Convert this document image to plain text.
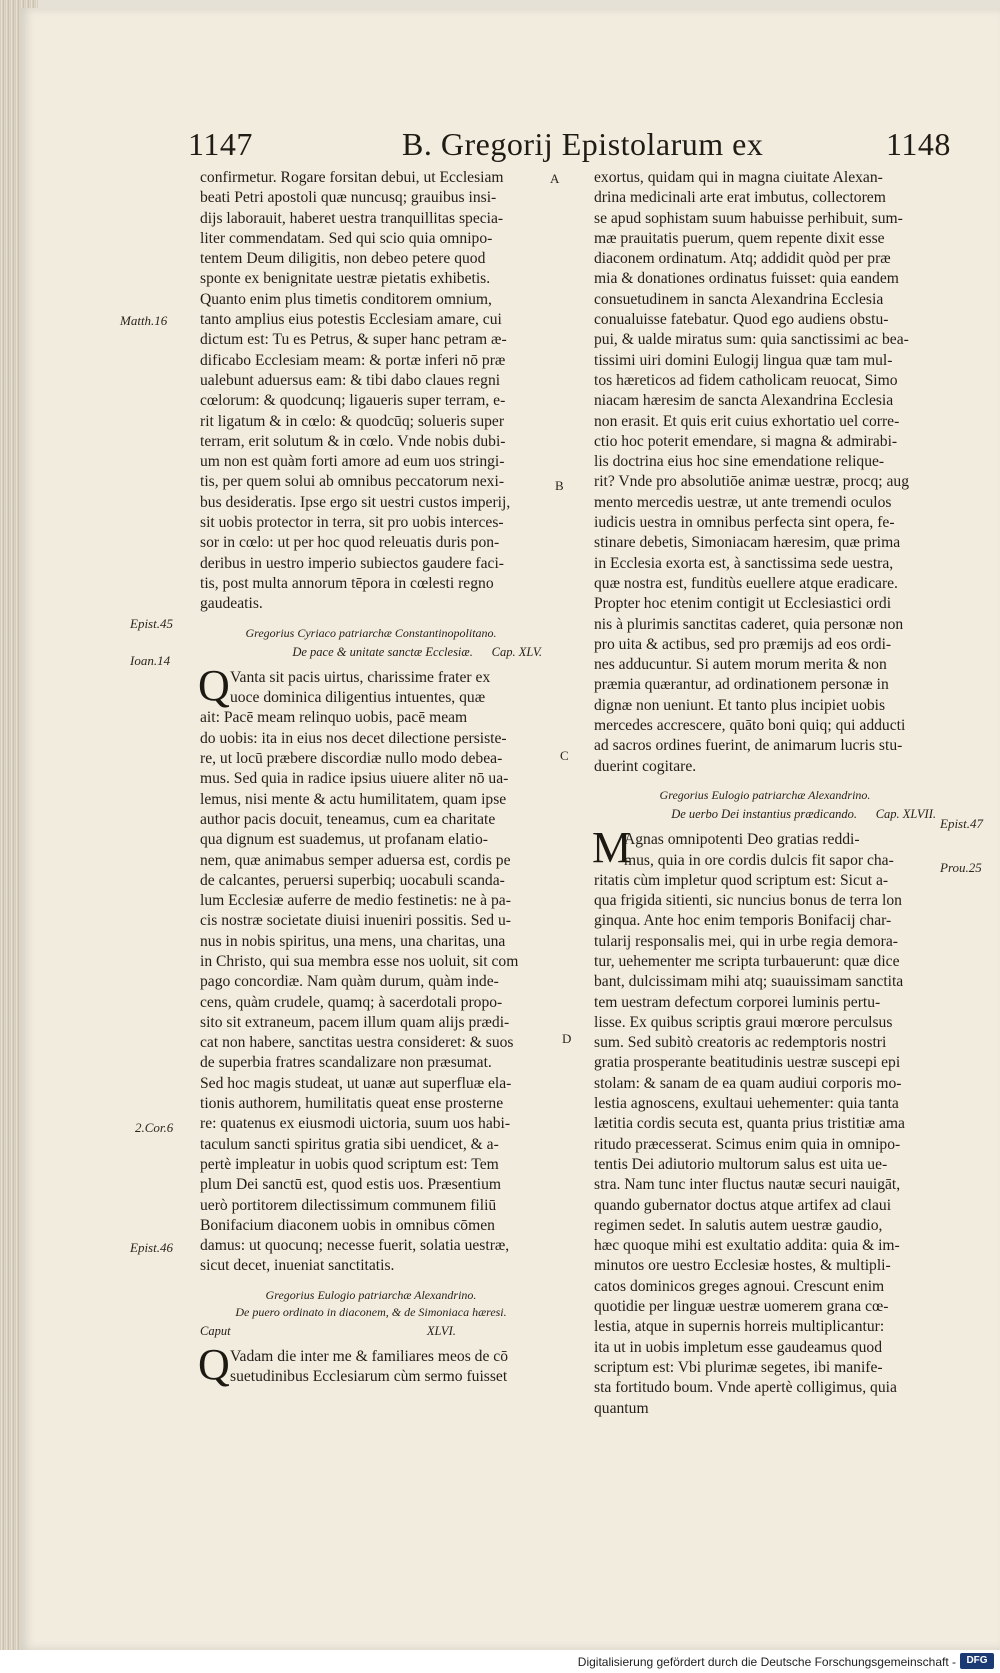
1147	B. Gregorij Epistolarum ex	1148
confirmetur. Rogare forsitan debui, ut Ecclesiam
beati Petri apostoli quæ nuncusq; grauibus insi-
dijs laborauit, haberet uestra tranquillitas specia-
liter commendatam. Sed qui scio quia omnipo-
tentem Deum diligitis, non debeo petere quod
sponte ex benignitate uestræ pietatis exhibetis.
Quanto enim plus timetis conditorem omnium,
tanto amplius eius potestis Ecclesiam amare, cui
dictum est: Tu es Petrus, & super hanc petram æ-
dificabo Ecclesiam meam: & portæ inferi nō præ
ualebunt aduersus eam: & tibi dabo claues regni
cœlorum: & quodcunq; ligaueris super terram, e-
rit ligatum & in cœlo: & quodcūq; solueris super
terram, erit solutum & in cœlo. Vnde nobis dubi-
um non est quàm forti amore ad eum uos stringi-
tis, per quem solui ab omnibus peccatorum nexi-
bus desideratis. Ipse ergo sit uestri custos imperij,
sit uobis protector in terra, sit pro uobis interces-
sor in cœlo: ut per hoc quod releuatis duris pon-
deribus in uestro imperio subiectos gaudere faci-
tis, post multa annorum tēpora in cœlesti regno
gaudeatis.
Gregorius Cyriaco patriarchæ Constantinopolitano.
De pace & unitate sanctæ Ecclesiæ. Cap. XLV.
Q Vanta sit pacis uirtus, charissime frater ex
uoce dominica diligentius intuentes, quæ
ait: Pacē meam relinquo uobis, pacē meam
do uobis: ita in eius nos decet dilectione persiste-
re, ut locū præbere discordiæ nullo modo debea-
mus. Sed quia in radice ipsius uiuere aliter nō ua-
lemus, nisi mente & actu humilitatem, quam ipse
author pacis docuit, teneamus, cum ea charitate
qua dignum est suademus, ut profanam elatio-
nem, quæ animabus semper aduersa est, cordis pe
de calcantes, peruersi superbiq; uocabuli scanda-
lum Ecclesiæ auferre de medio festinetis: ne à pa-
cis nostræ societate diuisi inueniri possitis. Sed u-
nus in nobis spiritus, una mens, una charitas, una
in Christo, qui sua membra esse nos uoluit, sit com
pago concordiæ. Nam quàm durum, quàm inde-
cens, quàm crudele, quamq; à sacerdotali propo-
sito sit extraneum, pacem illum quam alijs prædi-
cat non habere, sanctitas uestra consideret: & suos
de superbia fratres scandalizare non præsumat.
Sed hoc magis studeat, ut uanæ aut superfluæ ela-
tionis authorem, humilitatis queat ense prosterne
re: quatenus ex eiusmodi uictoria, suum uos habi-
taculum sancti spiritus gratia sibi uendicet, & a-
pertè impleatur in uobis quod scriptum est: Tem
plum Dei sanctū est, quod estis uos. Præsentium
uerò portitorem dilectissimum communem filiū
Bonifacium diaconem uobis in omnibus cōmen
damus: ut quocunq; necesse fuerit, solatia uestræ,
sicut decet, inueniat sanctitatis.
Gregorius Eulogio patriarchæ Alexandrino.
De puero ordinato in diaconem, & de Simoniaca hæresi.
Caput	XLVI.
Q Vadam die inter me & familiares meos de cō
suetudinibus Ecclesiarum cùm sermo fuisset
exortus, quidam qui in magna ciuitate Alexan-
drina medicinali arte erat imbutus, collectorem
se apud sophistam suum habuisse perhibuit, sum-
mæ prauitatis puerum, quem repente dixit esse
diaconem ordinatum. Atq; addidit quòd per præ
mia & donationes ordinatus fuisset: quia eandem
consuetudinem in sancta Alexandrina Ecclesia
conualuisse fatebatur. Quod ego audiens obstu-
pui, & ualde miratus sum: quia sanctissimi ac bea-
tissimi uiri domini Eulogij lingua quæ tam mul-
tos hæreticos ad fidem catholicam reuocat, Simo
niacam hæresim de sancta Alexandrina Ecclesia
non erasit. Et quis erit cuius exhortatio uel corre-
ctio hoc poterit emendare, si magna & admirabi-
lis doctrina eius hoc sine emendatione relique-
rit? Vnde pro absolutiōe animæ uestræ, procq; aug
mento mercedis uestræ, ut ante tremendi oculos
iudicis uestra in omnibus perfecta sint opera, fe-
stinare debetis, Simoniacam hæresim, quæ prima
in Ecclesia exorta est, à sanctissima sede uestra,
quæ nostra est, funditùs euellere atque eradicare.
Propter hoc etenim contigit ut Ecclesiastici ordi
nis à plurimis sanctitas caderet, quia personæ non
pro uita & actibus, sed pro præmijs ad eos ordi-
nes adducuntur. Si autem morum merita & non
præmia quærantur, ad ordinationem personæ in
dignæ non ueniunt. Et tanto plus incipiet uobis
mercedes accrescere, quāto boni quiq; qui adducti
ad sacros ordines fuerint, de animarum lucris stu-
duerint cogitare.
Gregorius Eulogio patriarchæ Alexandrino.
De uerbo Dei instantius prædicando. Cap. XLVII.
M
Agnas omnipotenti Deo gratias reddi-
mus, quia in ore cordis dulcis fit sapor cha-
ritatis cùm impletur quod scriptum est: Sicut a-
qua frigida sitienti, sic nuncius bonus de terra lon
ginqua. Ante hoc enim temporis Bonifacij char-
tularij responsalis mei, qui in urbe regia demora-
tur, uehementer me scripta turbauerunt: quæ dice
bant, dulcissimam mihi atq; suauissimam sanctita
tem uestram defectum corporei luminis pertu-
lisse. Ex quibus scriptis graui mœrore perculsus
sum. Sed subitò creatoris ac redemptoris nostri
gratia prosperante beatitudinis uestræ suscepi epi
stolam: & sanam de ea quam audiui corporis mo-
lestia agnoscens, exultaui uehementer: quia tanta
lætitia cordis secuta est, quanta prius tristitiæ ama
ritudo præcesserat. Scimus enim quia in omnipo-
tentis Dei adiutorio multorum salus est uita ue-
stra. Nam tunc inter fluctus nautæ securi nauigāt,
quando gubernator doctus atque artifex ad claui
regimen sedet. In salutis autem uestræ gaudio,
hæc quoque mihi est exultatio addita: quia & im-
minutos ore uestro Ecclesiæ hostes, & multipli-
catos dominicos greges agnoui. Crescunt enim
quotidie per linguæ uestræ uomerem grana cœ-
lestia, atque in supernis horreis multiplicantur:
ita ut in uobis impletum esse gaudeamus quod
scriptum est: Vbi plurimæ segetes, ibi manife-
sta fortitudo boum. Vnde apertè colligimus, quia
quantum
Matth.16
Epist.45
Ioan.14
2.Cor.6
Epist.46
Epist.47
Prou.25
A
B
C
D
Digitalisierung gefördert durch die Deutsche Forschungsgemeinschaft -	DFG
